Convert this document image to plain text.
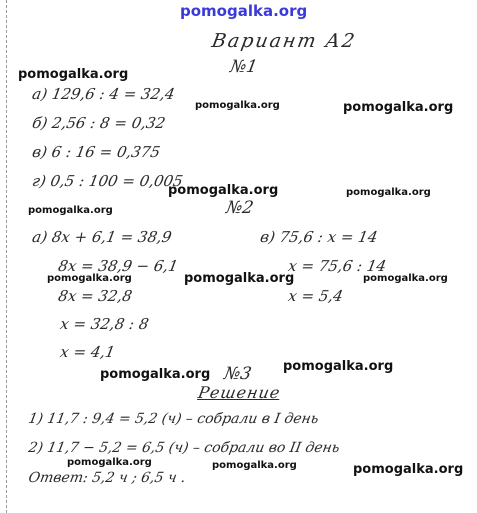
pomogalka.org
Вариант А2
№1
а) 129,6 : 4 = 32,4
б) 2,56 : 8 = 0,32
в) 6 : 16 = 0,375
г) 0,5 : 100 = 0,005
№2
а) 8x + 6,1 = 38,9
8x = 38,9 − 6,1
8x = 32,8
x = 32,8 : 8
x = 4,1
в) 75,6 : x = 14
x = 75,6 : 14
x = 5,4
№3
Решение
1) 11,7 : 9,4 = 5,2 (ч) – собрали в I день
2) 11,7 − 5,2 = 6,5 (ч) – собрали во II день
Ответ: 5,2 ч ; 6,5 ч .
pomogalka.org
pomogalka.org	pomogalka.org
pomogalka.org	pomogalka.org
pomogalka.org
pomogalka.org	pomogalka.org	pomogalka.org
pomogalka.org
pomogalka.org
pomogalka.org	pomogalka.org	pomogalka.org
